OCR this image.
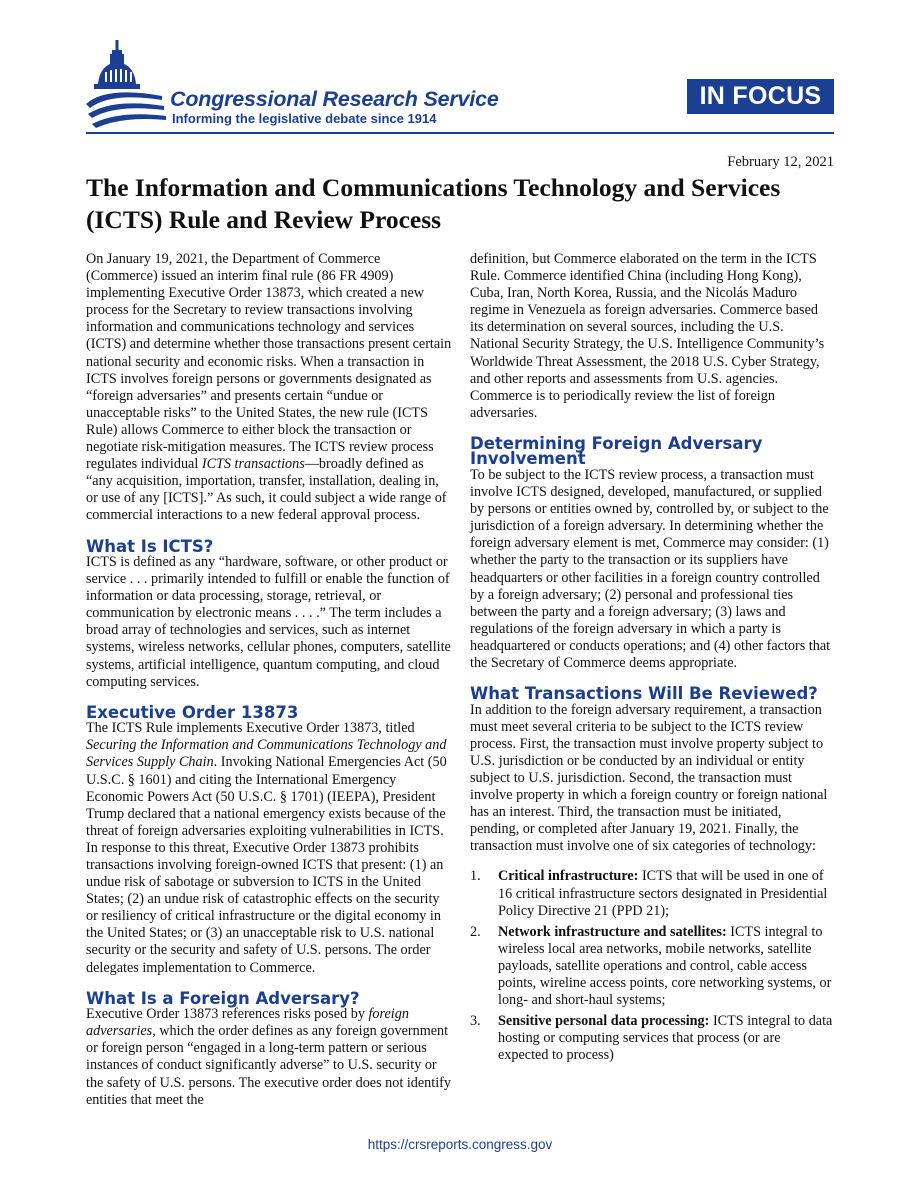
Congressional Research Service
Informing the legislative debate since 1914
IN FOCUS
February 12, 2021
The Information and Communications Technology and Services (ICTS) Rule and Review Process

On January 19, 2021, the Department of Commerce (Commerce) issued an interim final rule (86 FR 4909) implementing Executive Order 13873, which created a new process for the Secretary to review transactions involving information and communications technology and services (ICTS) and determine whether those transactions present certain national security and economic risks. When a transaction in ICTS involves foreign persons or governments designated as “foreign adversaries” and presents certain “undue or unacceptable risks” to the United States, the new rule (ICTS Rule) allows Commerce to either block the transaction or negotiate risk-mitigation measures. The ICTS review process regulates individual ICTS transactions—broadly defined as “any acquisition, importation, transfer, installation, dealing in, or use of any [ICTS].” As such, it could subject a wide range of commercial interactions to a new federal approval process.

What Is ICTS?

ICTS is defined as any “hardware, software, or other product or service . . . primarily intended to fulfill or enable the function of information or data processing, storage, retrieval, or communication by electronic means . . . .” The term includes a broad array of technologies and services, such as internet systems, wireless networks, cellular phones, computers, satellite systems, artificial intelligence, quantum computing, and cloud computing services.

Executive Order 13873

The ICTS Rule implements Executive Order 13873, titled Securing the Information and Communications Technology and Services Supply Chain. Invoking National Emergencies Act (50 U.S.C. § 1601) and citing the International Emergency Economic Powers Act (50 U.S.C. § 1701) (IEEPA), President Trump declared that a national emergency exists because of the threat of foreign adversaries exploiting vulnerabilities in ICTS. In response to this threat, Executive Order 13873 prohibits transactions involving foreign-owned ICTS that present: (1) an undue risk of sabotage or subversion to ICTS in the United States; (2) an undue risk of catastrophic effects on the security or resiliency of critical infrastructure or the digital economy in the United States; or (3) an unacceptable risk to U.S. national security or the security and safety of U.S. persons. The order delegates implementation to Commerce.

What Is a Foreign Adversary?

Executive Order 13873 references risks posed by foreign adversaries, which the order defines as any foreign government or foreign person “engaged in a long-term pattern or serious instances of conduct significantly adverse” to U.S. security or the safety of U.S. persons. The executive order does not identify entities that meet the

definition, but Commerce elaborated on the term in the ICTS Rule. Commerce identified China (including Hong Kong), Cuba, Iran, North Korea, Russia, and the Nicolás Maduro regime in Venezuela as foreign adversaries. Commerce based its determination on several sources, including the U.S. National Security Strategy, the U.S. Intelligence Community’s Worldwide Threat Assessment, the 2018 U.S. Cyber Strategy, and other reports and assessments from U.S. agencies. Commerce is to periodically review the list of foreign adversaries.

Determining Foreign Adversary Involvement

To be subject to the ICTS review process, a transaction must involve ICTS designed, developed, manufactured, or supplied by persons or entities owned by, controlled by, or subject to the jurisdiction of a foreign adversary. In determining whether the foreign adversary element is met, Commerce may consider: (1) whether the party to the transaction or its suppliers have headquarters or other facilities in a foreign country controlled by a foreign adversary; (2) personal and professional ties between the party and a foreign adversary; (3) laws and regulations of the foreign adversary in which a party is headquartered or conducts operations; and (4) other factors that the Secretary of Commerce deems appropriate.

What Transactions Will Be Reviewed?

In addition to the foreign adversary requirement, a transaction must meet several criteria to be subject to the ICTS review process. First, the transaction must involve property subject to U.S. jurisdiction or be conducted by an individual or entity subject to U.S. jurisdiction. Second, the transaction must involve property in which a foreign country or foreign national has an interest. Third, the transaction must be initiated, pending, or completed after January 19, 2021. Finally, the transaction must involve one of six categories of technology:

1. Critical infrastructure: ICTS that will be used in one of 16 critical infrastructure sectors designated in Presidential Policy Directive 21 (PPD 21);
2. Network infrastructure and satellites: ICTS integral to wireless local area networks, mobile networks, satellite payloads, satellite operations and control, cable access points, wireline access points, core networking systems, or long- and short-haul systems;
3. Sensitive personal data processing: ICTS integral to data hosting or computing services that process (or are expected to process)
https://crsreports.congress.gov
